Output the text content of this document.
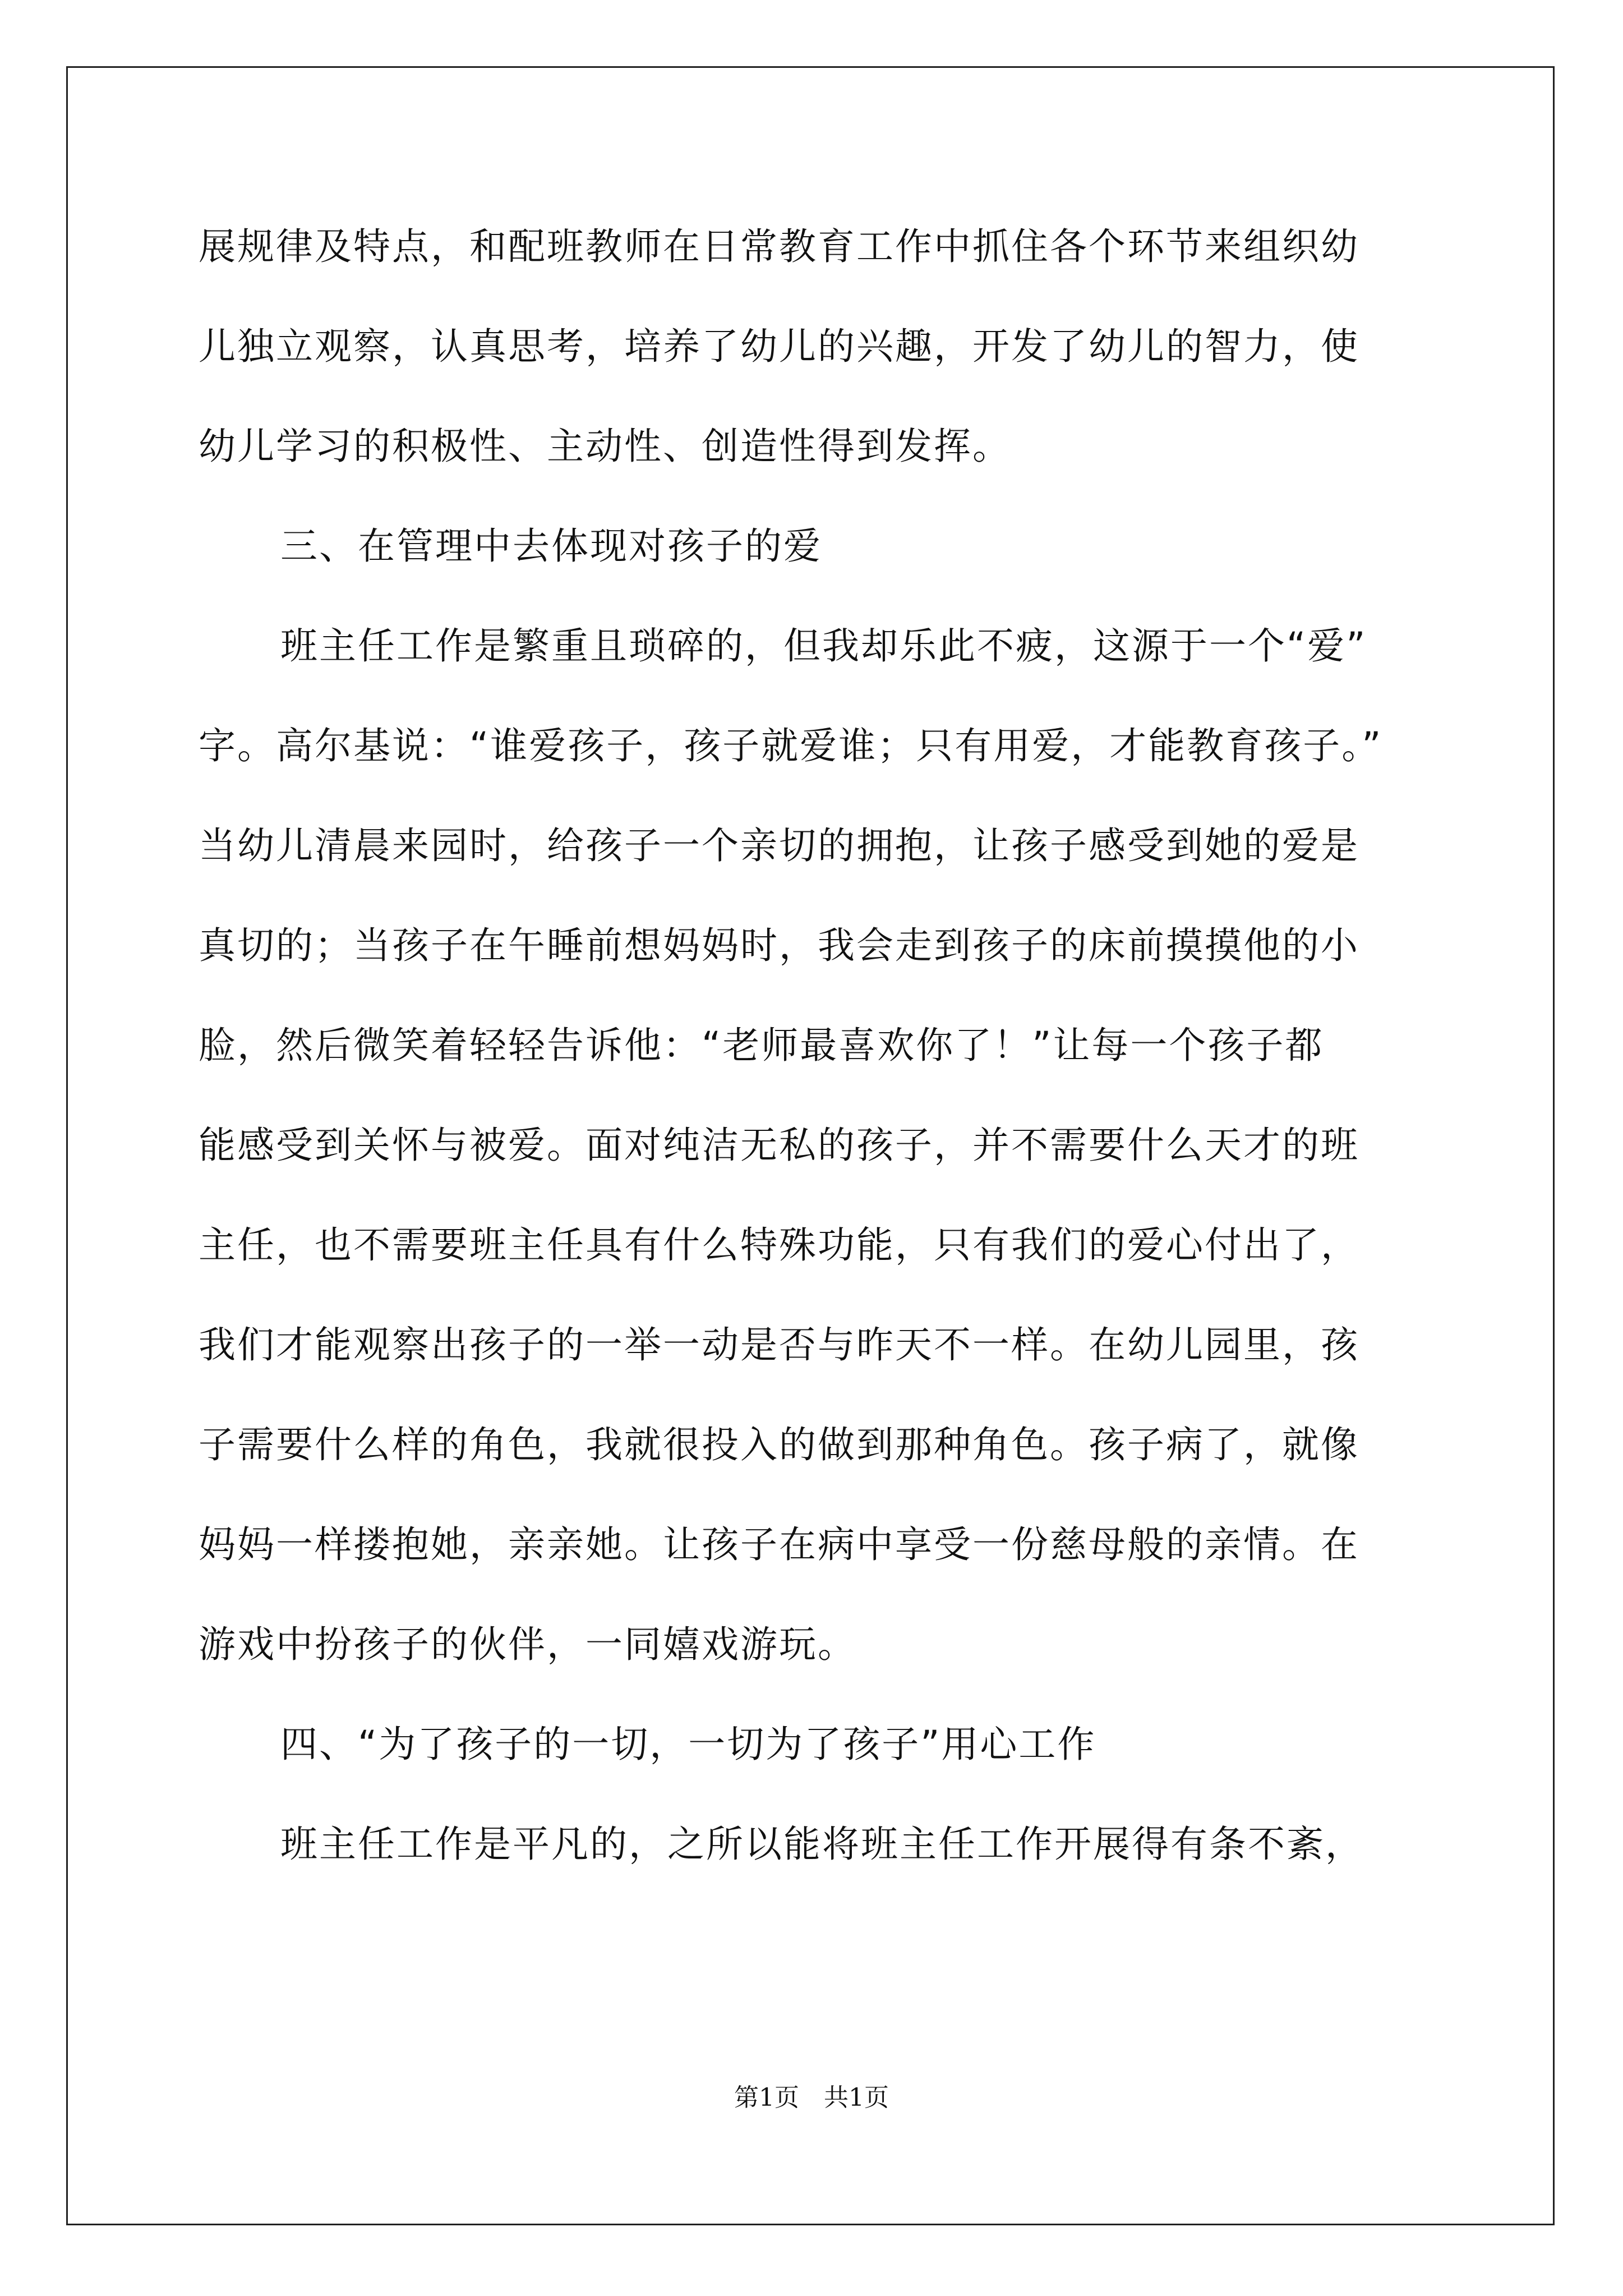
展规律及特点，和配班教师在日常教育工作中抓住各个环节来组织幼
儿独立观察，认真思考，培养了幼儿的兴趣，开发了幼儿的智力，使
幼儿学习的积极性、主动性、创造性得到发挥。
三、在管理中去体现对孩子的爱
班主任工作是繁重且琐碎的，但我却乐此不疲，这源于一个“爱”
字。高尔基说：“谁爱孩子，孩子就爱谁；只有用爱，才能教育孩子。”
当幼儿清晨来园时，给孩子一个亲切的拥抱，让孩子感受到她的爱是
真切的；当孩子在午睡前想妈妈时，我会走到孩子的床前摸摸他的小
脸，然后微笑着轻轻告诉他：“老师最喜欢你了！”让每一个孩子都
能感受到关怀与被爱。面对纯洁无私的孩子，并不需要什么天才的班
主任，也不需要班主任具有什么特殊功能，只有我们的爱心付出了，
我们才能观察出孩子的一举一动是否与昨天不一样。在幼儿园里，孩
子需要什么样的角色，我就很投入的做到那种角色。孩子病了，就像
妈妈一样搂抱她，亲亲她。让孩子在病中享受一份慈母般的亲情。在
游戏中扮孩子的伙伴，一同嬉戏游玩。
四、“为了孩子的一切，一切为了孩子”用心工作
班主任工作是平凡的，之所以能将班主任工作开展得有条不紊，
第1页　共1页
